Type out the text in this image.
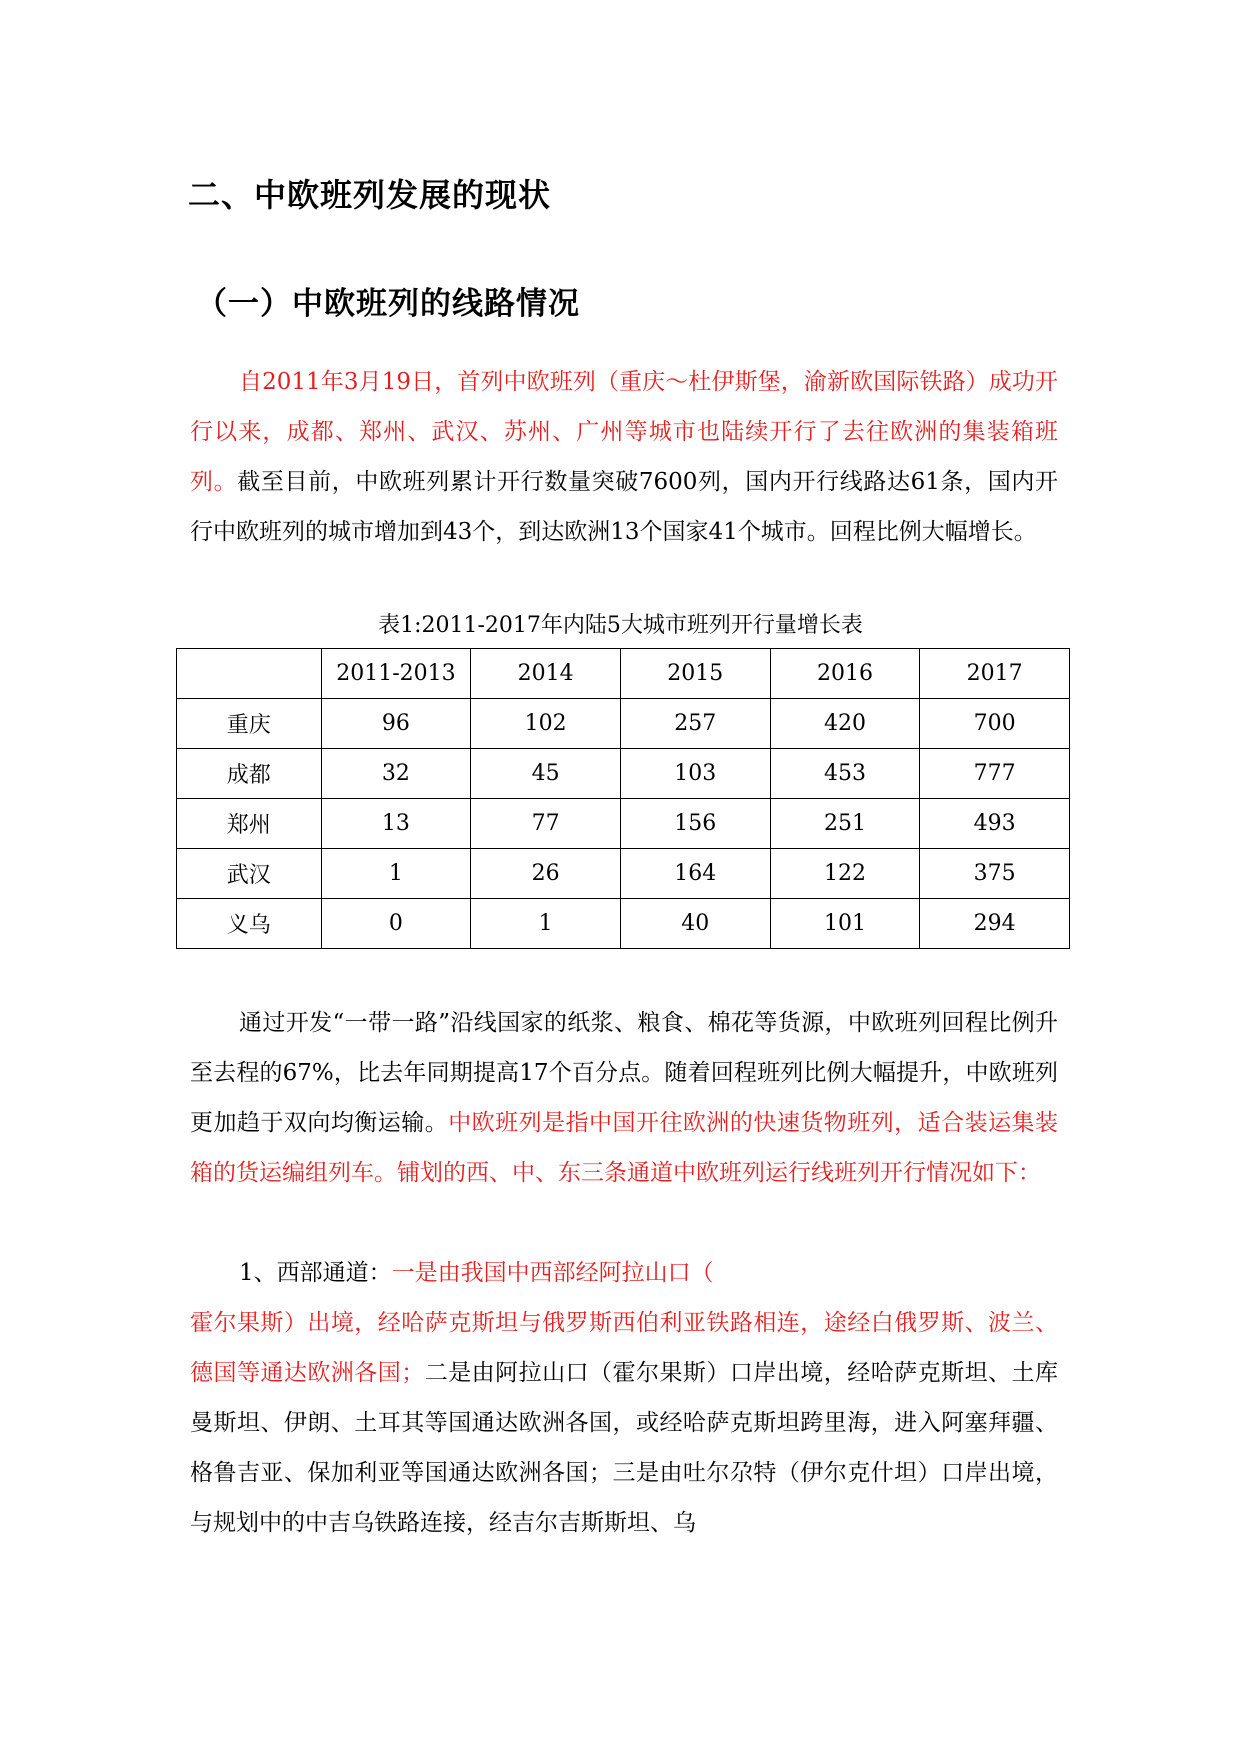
二、中欧班列发展的现状
（一）中欧班列的线路情况
自2011年3月19日，首列中欧班列（重庆～杜伊斯堡，渝新欧国际铁路）成功开行以来，成都、郑州、武汉、苏州、广州等城市也陆续开行了去往欧洲的集装箱班列。截至目前，中欧班列累计开行数量突破7600列，国内开行线路达61条，国内开行中欧班列的城市增加到43个，到达欧洲13个国家41个城市。回程比例大幅增长。
表1:2011-2017年内陆5大城市班列开行量增长表
	2011-2013	2014	2015	2016	2017
重庆	96	102	257	420	700
成都	32	45	103	453	777
郑州	13	77	156	251	493
武汉	1	26	164	122	375
义乌	0	1	40	101	294
通过开发“一带一路”沿线国家的纸浆、粮食、棉花等货源，中欧班列回程比例升至去程的67%，比去年同期提高17个百分点。随着回程班列比例大幅提升，中欧班列更加趋于双向均衡运输。中欧班列是指中国开往欧洲的快速货物班列，适合装运集装箱的货运编组列车。铺划的西、中、东三条通道中欧班列运行线班列开行情况如下：
1、西部通道：一是由我国中西部经阿拉山口（
霍尔果斯）出境，经哈萨克斯坦与俄罗斯西伯利亚铁路相连，途经白俄罗斯、波兰、德国等通达欧洲各国；二是由阿拉山口（霍尔果斯）口岸出境，经哈萨克斯坦、土库曼斯坦、伊朗、土耳其等国通达欧洲各国，或经哈萨克斯坦跨里海，进入阿塞拜疆、格鲁吉亚、保加利亚等国通达欧洲各国；三是由吐尔尕特（伊尔克什坦）口岸出境，与规划中的中吉乌铁路连接，经吉尔吉斯斯坦、乌
